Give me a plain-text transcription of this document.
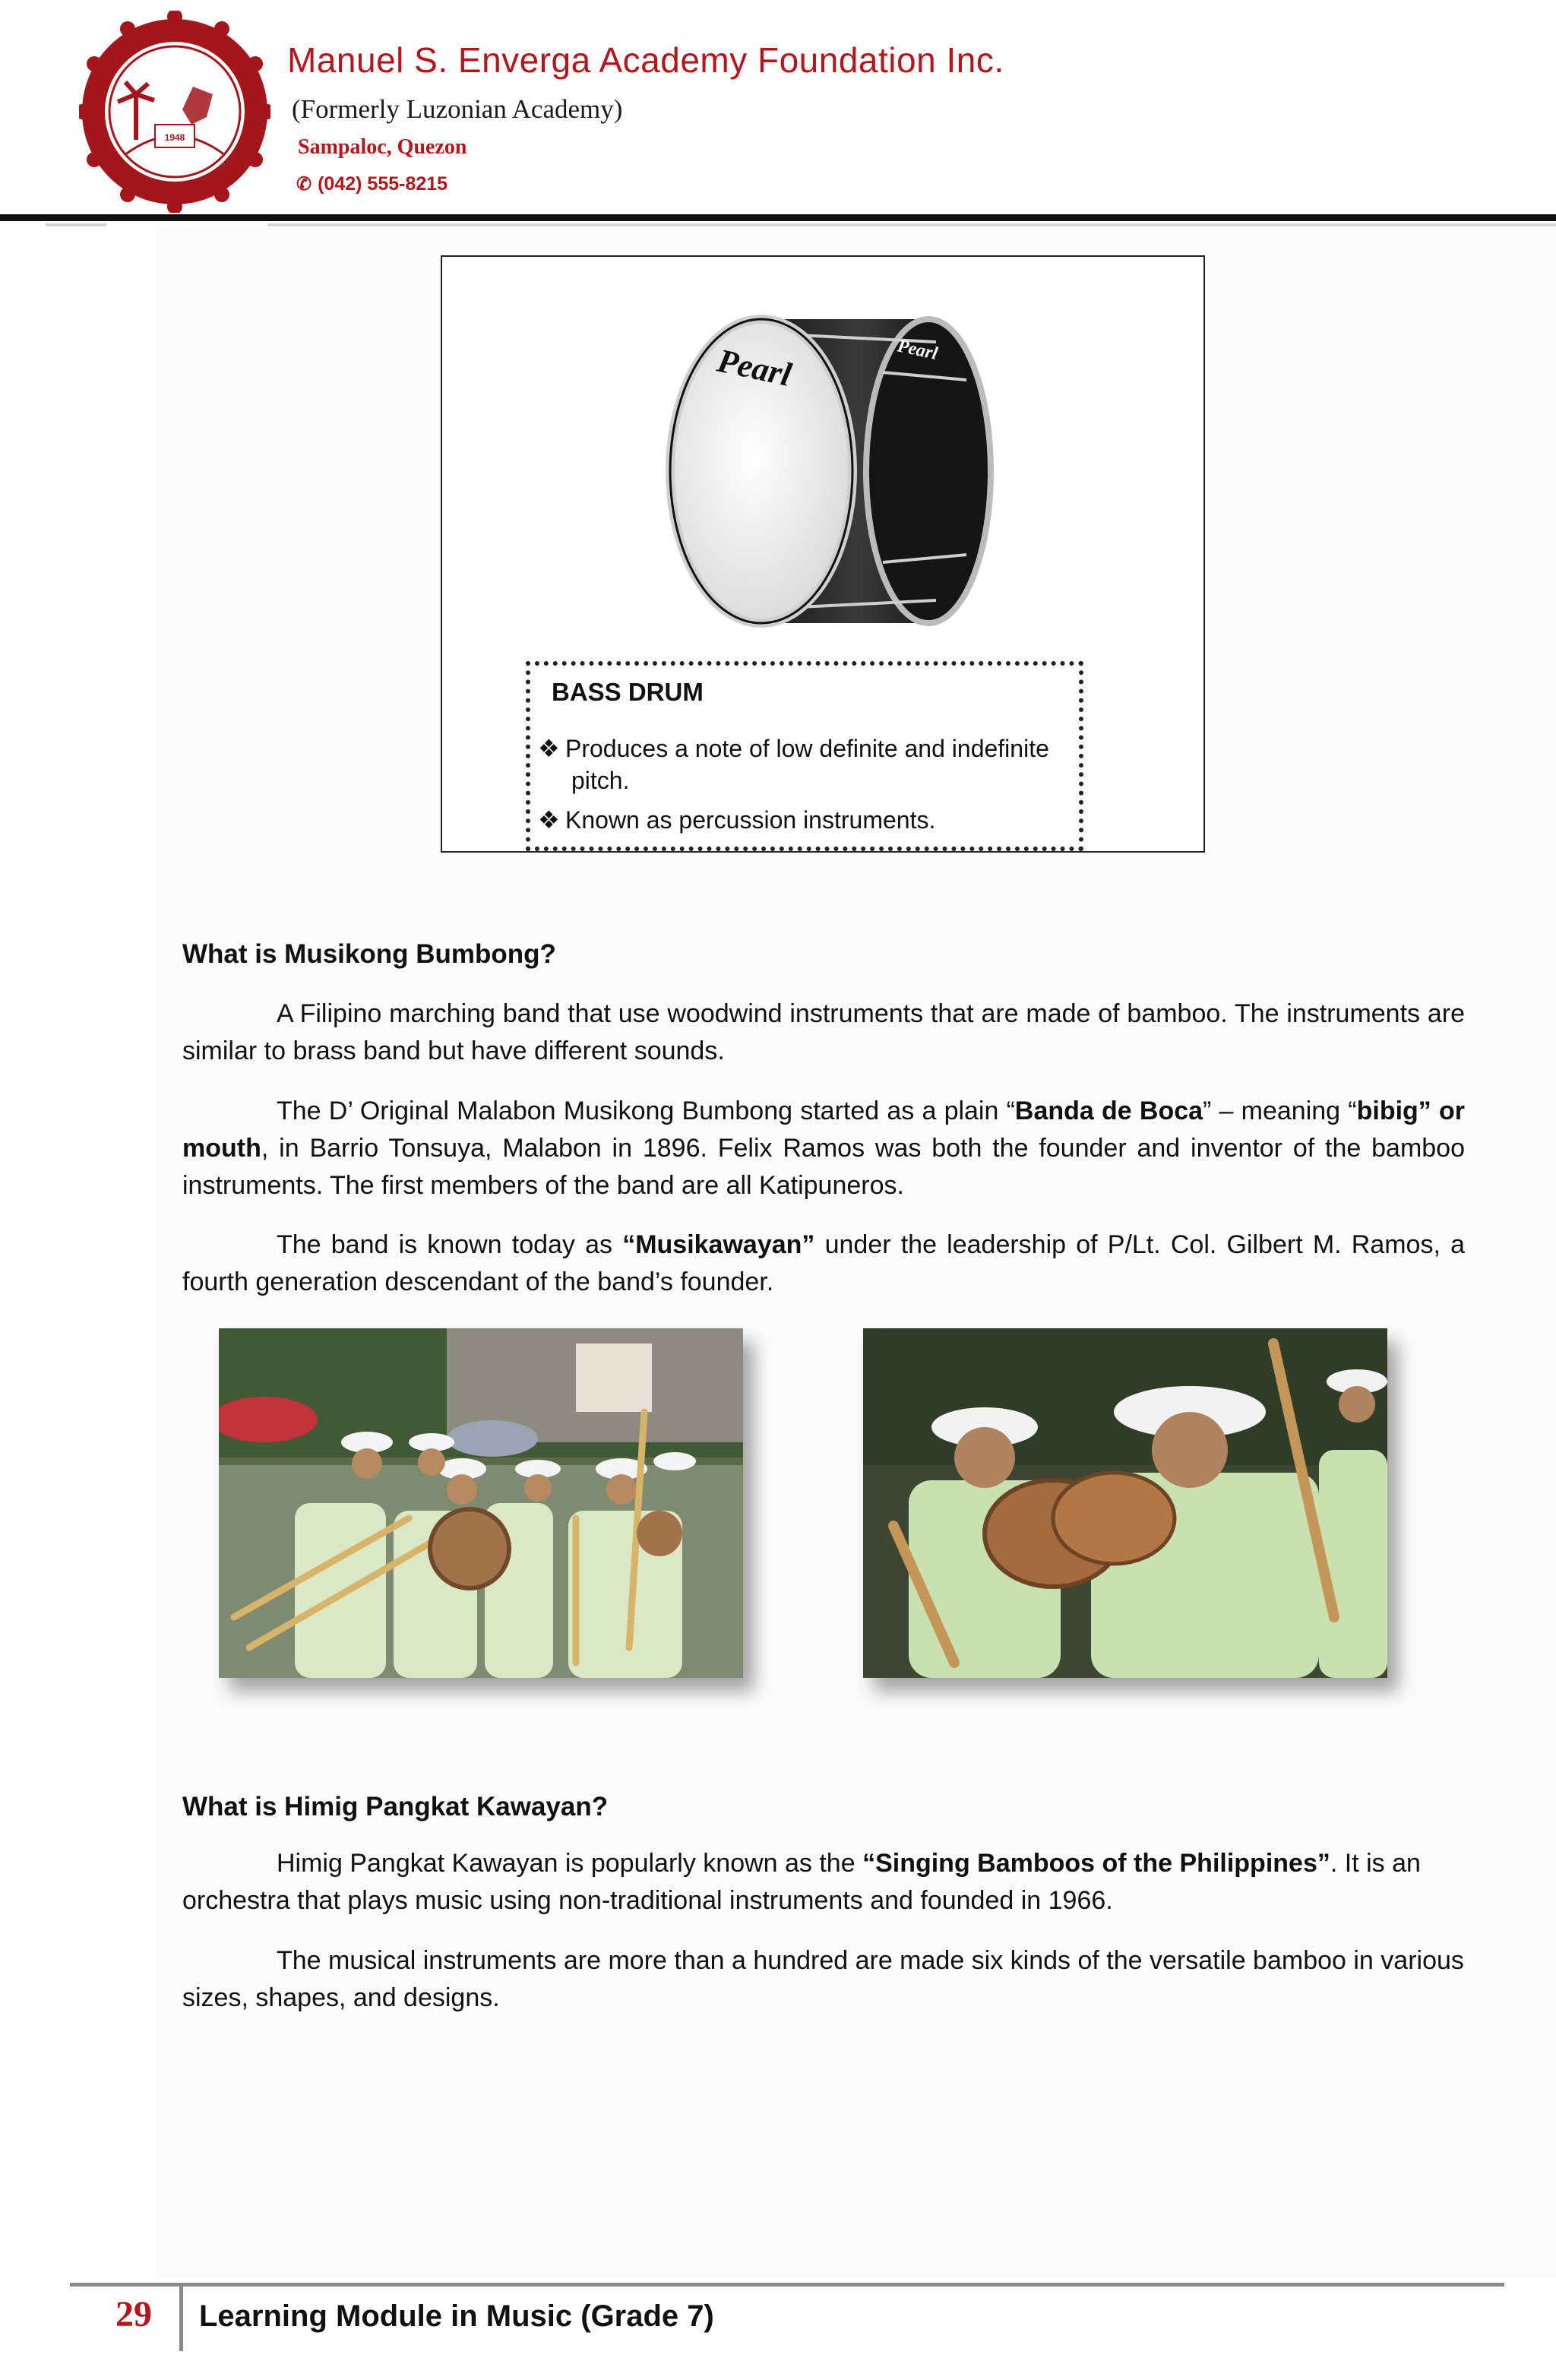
1948
Manuel S. Enverga Academy Foundation Inc.
(Formerly Luzonian Academy)
Sampaloc, Quezon
✆ (042) 555-8215
Pearl	Pearl
BASS DRUM
❖ Produces a note of low definite and indefinite
pitch.
❖ Known as percussion instruments.
What is Musikong Bumbong?
A Filipino marching band that use woodwind instruments that are made of bamboo. The instruments are similar to brass band but have different sounds.
The D’ Original Malabon Musikong Bumbong started as a plain “Banda de Boca” – meaning “bibig” or mouth, in Barrio Tonsuya, Malabon in 1896. Felix Ramos was both the founder and inventor of the bamboo instruments. The first members of the band are all Katipuneros.
The band is known today as “Musikawayan” under the leadership of P/Lt. Col. Gilbert M. Ramos, a fourth generation descendant of the band’s founder.
What is Himig Pangkat Kawayan?
Himig Pangkat Kawayan is popularly known as the “Singing Bamboos of the Philippines”. It is an orchestra that plays music using non-traditional instruments and founded in 1966.
The musical instruments are more than a hundred are made six kinds of the versatile bamboo in various sizes, shapes, and designs.
29 Learning Module in Music (Grade 7)
